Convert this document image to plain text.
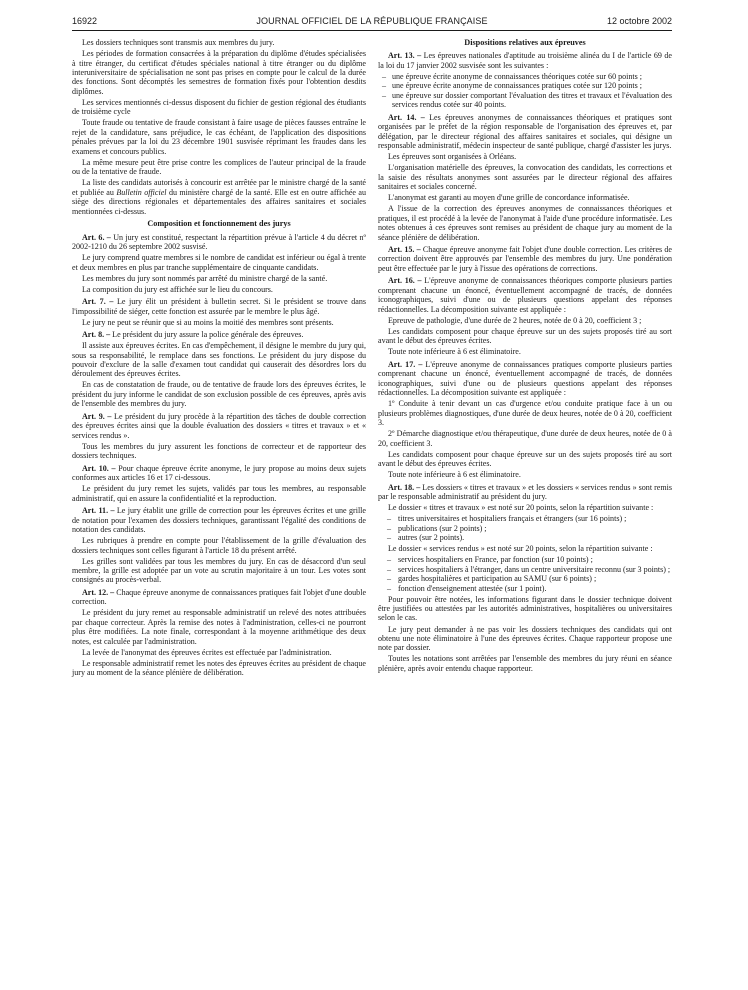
16922	JOURNAL OFFICIEL DE LA RÉPUBLIQUE FRANÇAISE	12 octobre 2002

Les dossiers techniques sont transmis aux membres du jury.

Les périodes de formation consacrées à la préparation du diplôme d'études spécialisées à titre étranger, du certificat d'études spéciales national à titre étranger ou du diplôme interuniversitaire de spécialisation ne sont pas prises en compte pour le calcul de la durée des fonctions. Sont décomptés les semestres de formation fixés pour l'obtention desdits diplômes.

Les services mentionnés ci-dessus disposent du fichier de gestion régional des étudiants de troisième cycle

Toute fraude ou tentative de fraude consistant à faire usage de pièces fausses entraîne le rejet de la candidature, sans préjudice, le cas échéant, de l'application des dispositions pénales prévues par la loi du 23 décembre 1901 susvisée réprimant les fraudes dans les examens et concours publics.

La même mesure peut être prise contre les complices de l'auteur principal de la fraude ou de la tentative de fraude.

La liste des candidats autorisés à concourir est arrêtée par le ministre chargé de la santé et publiée au Bulletin officiel du ministère chargé de la santé. Elle est en outre affichée au siège des directions régionales et départementales des affaires sanitaires et sociales mentionnées ci-dessus.

Composition et fonctionnement des jurys

Art. 6. – Un jury est constitué, respectant la répartition prévue à l'article 4 du décret nº 2002-1210 du 26 septembre 2002 susvisé.

Le jury comprend quatre membres si le nombre de candidat est inférieur ou égal à trente et deux membres en plus par tranche supplémentaire de cinquante candidats.

Les membres du jury sont nommés par arrêté du ministre chargé de la santé.

La composition du jury est affichée sur le lieu du concours.

Art. 7. – Le jury élit un président à bulletin secret. Si le président se trouve dans l'impossibilité de siéger, cette fonction est assurée par le membre le plus âgé.

Le jury ne peut se réunir que si au moins la moitié des membres sont présents.

Art. 8. – Le président du jury assure la police générale des épreuves.

Il assiste aux épreuves écrites. En cas d'empêchement, il désigne le membre du jury qui, sous sa responsabilité, le remplace dans ses fonctions. Le président du jury dispose du pouvoir d'exclure de la salle d'examen tout candidat qui causerait des désordres lors du déroulement des épreuves écrites.

En cas de constatation de fraude, ou de tentative de fraude lors des épreuves écrites, le président du jury informe le candidat de son exclusion possible de ces épreuves, après avis de l'ensemble des membres du jury.

Art. 9. – Le président du jury procède à la répartition des tâches de double correction des épreuves écrites ainsi que la double évaluation des dossiers « titres et travaux » et « services rendus ».

Tous les membres du jury assurent les fonctions de correcteur et de rapporteur des dossiers techniques.

Art. 10. – Pour chaque épreuve écrite anonyme, le jury propose au moins deux sujets conformes aux articles 16 et 17 ci-dessous.

Le président du jury remet les sujets, validés par tous les membres, au responsable administratif, qui en assure la confidentialité et la reproduction.

Art. 11. – Le jury établit une grille de correction pour les épreuves écrites et une grille de notation pour l'examen des dossiers techniques, garantissant l'égalité des conditions de notation des candidats.

Les rubriques à prendre en compte pour l'établissement de la grille d'évaluation des dossiers techniques sont celles figurant à l'article 18 du présent arrêté.

Les grilles sont validées par tous les membres du jury. En cas de désaccord d'un seul membre, la grille est adoptée par un vote au scrutin majoritaire à un tour. Les votes sont consignés au procès-verbal.

Art. 12. – Chaque épreuve anonyme de connaissances pratiques fait l'objet d'une double correction.

Le président du jury remet au responsable administratif un relevé des notes attribuées par chaque correcteur. Après la remise des notes à l'administration, celles-ci ne pourront plus être modifiées. La note finale, correspondant à la moyenne arithmétique des deux notes, est calculée par l'administration.

La levée de l'anonymat des épreuves écrites est effectuée par l'administration.

Le responsable administratif remet les notes des épreuves écrites au président de chaque jury au moment de la séance plénière de délibération.

Dispositions relatives aux épreuves

Art. 13. – Les épreuves nationales d'aptitude au troisième alinéa du I de l'article 69 de la loi du 17 janvier 2002 susvisée sont les suivantes :

– une épreuve écrite anonyme de connaissances théoriques cotée sur 60 points ;
– une épreuve écrite anonyme de connaissances pratiques cotée sur 120 points ;
– une épreuve sur dossier comportant l'évaluation des titres et travaux et l'évaluation des services rendus cotée sur 40 points.

Art. 14. – Les épreuves anonymes de connaissances théoriques et pratiques sont organisées par le préfet de la région responsable de l'organisation des épreuves et, par délégation, par le directeur régional des affaires sanitaires et sociales, qui désigne un responsable administratif, médecin inspecteur de santé publique, chargé d'assister les jurys.

Les épreuves sont organisées à Orléans.

L'organisation matérielle des épreuves, la convocation des candidats, les corrections et la saisie des résultats anonymes sont assurées par le directeur régional des affaires sanitaires et sociales concerné.

L'anonymat est garanti au moyen d'une grille de concordance informatisée.

A l'issue de la correction des épreuves anonymes de connaissances théoriques et pratiques, il est procédé à la levée de l'anonymat à l'aide d'une procédure informatisée. Les notes obtenues à ces épreuves sont remises au président de chaque jury au moment de la séance plénière de délibération.

Art. 15. – Chaque épreuve anonyme fait l'objet d'une double correction. Les critères de correction doivent être approuvés par l'ensemble des membres du jury. Une pondération peut être effectuée par le jury à l'issue des opérations de corrections.

Art. 16. – L'épreuve anonyme de connaissances théoriques comporte plusieurs parties comprenant chacune un énoncé, éventuellement accompagné de tracés, de données iconographiques, suivi d'une ou de plusieurs questions appelant des réponses rédactionnelles. La décomposition suivante est appliquée :

Epreuve de pathologie, d'une durée de 2 heures, notée de 0 à 20, coefficient 3 ;

Les candidats composent pour chaque épreuve sur un des sujets proposés tiré au sort avant le début des épreuves écrites.

Toute note inférieure à 6 est éliminatoire.

Art. 17. – L'épreuve anonyme de connaissances pratiques comporte plusieurs parties comprenant chacune un énoncé, éventuellement accompagné de tracés, de données iconographiques, suivi d'une ou de plusieurs questions appelant des réponses rédactionnelles. La décomposition suivante est appliquée :

1º Conduite à tenir devant un cas d'urgence et/ou conduite pratique face à un ou plusieurs problèmes diagnostiques, d'une durée de deux heures, notée de 0 à 20, coefficient 3.

2º Démarche diagnostique et/ou thérapeutique, d'une durée de deux heures, notée de 0 à 20, coefficient 3.

Les candidats composent pour chaque épreuve sur un des sujets proposés tiré au sort avant le début des épreuves écrites.

Toute note inférieure à 6 est éliminatoire.

Art. 18. – Les dossiers « titres et travaux » et les dossiers « services rendus » sont remis par le responsable administratif au président du jury.

Le dossier « titres et travaux » est noté sur 20 points, selon la répartition suivante :

– titres universitaires et hospitaliers français et étrangers (sur 16 points) ;
– publications (sur 2 points) ;
– autres (sur 2 points).

Le dossier « services rendus » est noté sur 20 points, selon la répartition suivante :

– services hospitaliers en France, par fonction (sur 10 points) ;
– services hospitaliers à l'étranger, dans un centre universitaire reconnu (sur 3 points) ;
– gardes hospitalières et participation au SAMU (sur 6 points) ;
– fonction d'enseignement attestée (sur 1 point).

Pour pouvoir être notées, les informations figurant dans le dossier technique doivent être justifiées ou attestées par les autorités administratives, hospitalières ou universitaires selon le cas.

Le jury peut demander à ne pas voir les dossiers techniques des candidats qui ont obtenu une note éliminatoire à l'une des épreuves écrites. Chaque rapporteur propose une note par dossier.

Toutes les notations sont arrêtées par l'ensemble des membres du jury réuni en séance plénière, après avoir entendu chaque rapporteur.
